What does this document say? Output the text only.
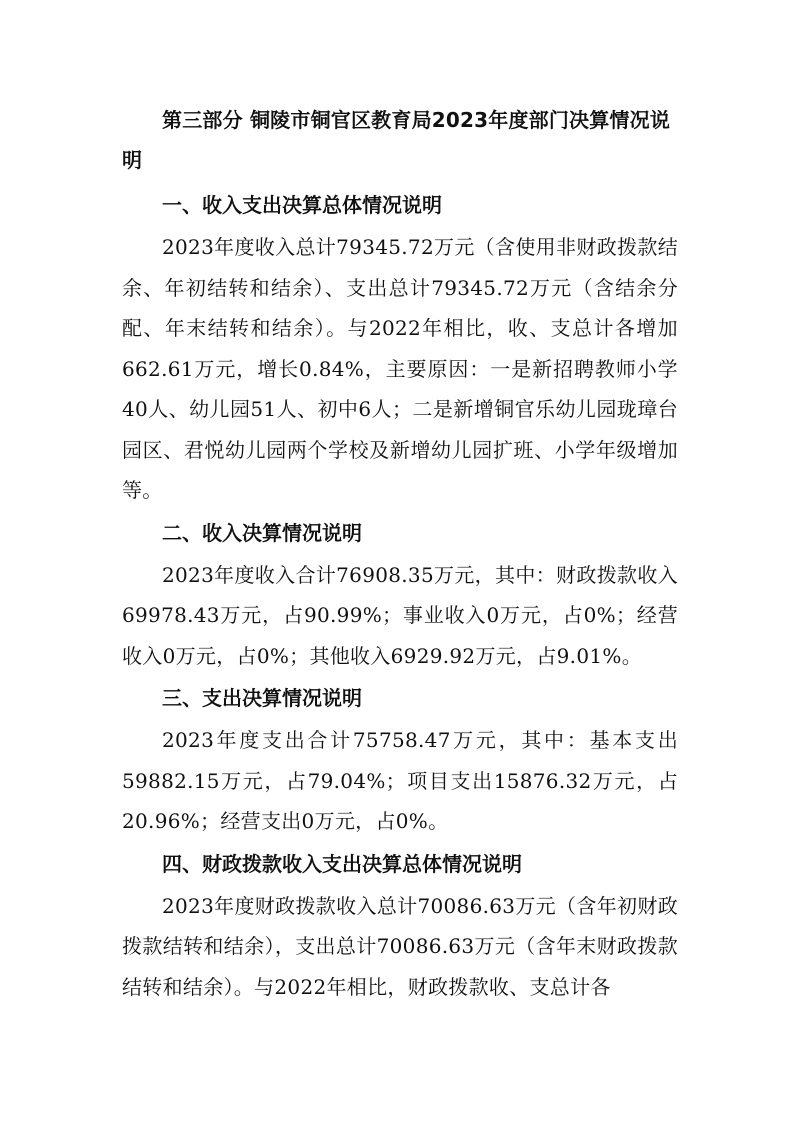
第三部分 铜陵市铜官区教育局2023年度部门决算情况说明
一、收入支出决算总体情况说明
2023年度收入总计79345.72万元（含使用非财政拨款结余、年初结转和结余）、支出总计79345.72万元（含结余分配、年末结转和结余）。与2022年相比，收、支总计各增加662.61万元，增长0.84%，主要原因：一是新招聘教师小学40人、幼儿园51人、初中6人；二是新增铜官乐幼儿园珑璋台园区、君悦幼儿园两个学校及新增幼儿园扩班、小学年级增加等。
二、收入决算情况说明
2023年度收入合计76908.35万元，其中：财政拨款收入69978.43万元，占90.99%；事业收入0万元，占0%；经营收入0万元，占0%；其他收入6929.92万元，占9.01%。
三、支出决算情况说明
2023年度支出合计75758.47万元，其中：基本支出59882.15万元，占79.04%；项目支出15876.32万元，占20.96%；经营支出0万元，占0%。
四、财政拨款收入支出决算总体情况说明
2023年度财政拨款收入总计70086.63万元（含年初财政拨款结转和结余），支出总计70086.63万元（含年末财政拨款结转和结余）。与2022年相比，财政拨款收、支总计各
